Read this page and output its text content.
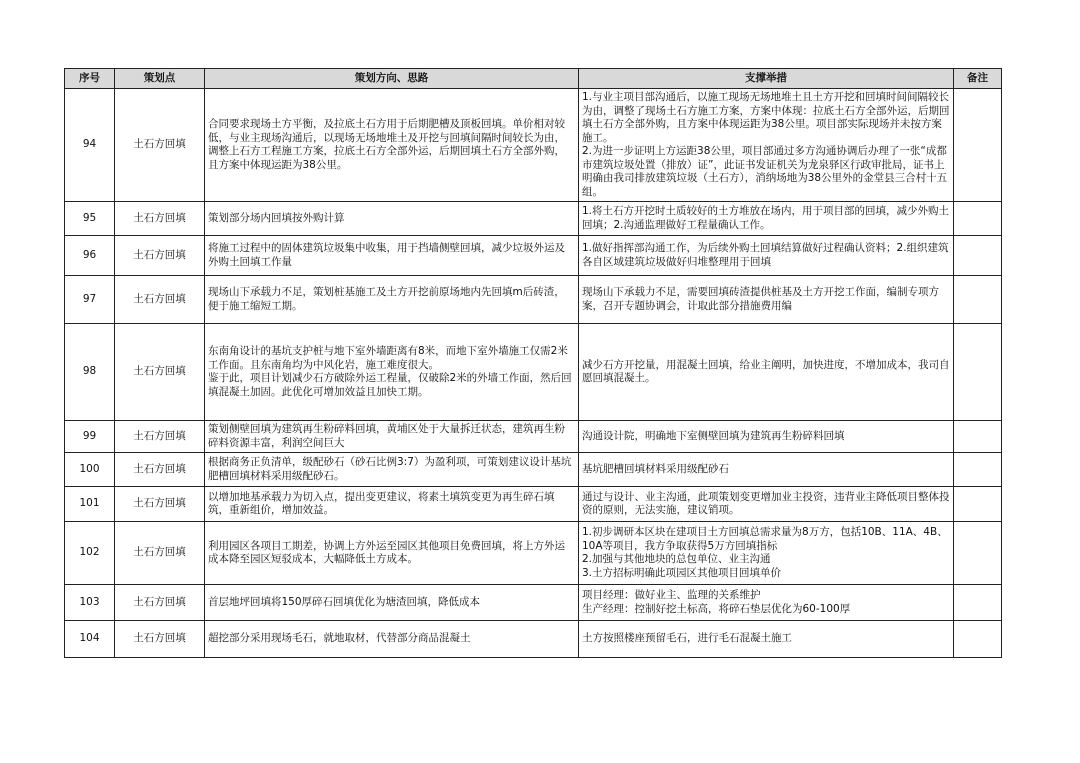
序号	策划点	策划方向、思路	支撑举措	备注
94	土石方回填	合同要求现场土方平衡，及拉底土石方用于后期肥槽及顶板回填。单价相对较低，与业主现场沟通后，以现场无场地堆土及开挖与回填间隔时间较长为由，调整上石方工程施工方案，拉底土石方全部外运，后期回填土石方全部外购，且方案中体现运距为38公里。	1.与业主项目部沟通后，以施工现场无场地堆土且土方开挖和回填时间间隔较长为由，调整了现场土石方施工方案，方案中体现：拉底土石方全部外运，后期回填土石方全部外购，且方案中体现运距为38公里。项目部实际现场并未按方案施工。
2.为进一步证明上方运距38公里，项目部通过多方沟通协调后办理了一张“成都市建筑垃圾处置（排放）证”，此证书发证机关为龙泉驿区行政审批局，证书上明确由我司排放建筑垃圾（土石方），消纳场地为38公里外的金堂县三合村十五组。	
95	土石方回填	策划部分场内回填按外购计算	1.将土石方开挖时土质较好的土方堆放在场内，用于项目部的回填，减少外购土回填；2.沟通监理做好工程量确认工作。	
96	土石方回填	将施工过程中的固体建筑垃圾集中收集，用于挡墙侧壁回填，减少垃圾外运及外购土回填工作量	1.做好指挥部沟通工作，为后续外购土回填结算做好过程确认资料；2.组织建筑各自区域建筑垃圾做好归堆整理用于回填	
97	土石方回填	现场山下承载力不足，策划桩基施工及土方开挖前原场地内先回填m后砖渣，便于施工缩短工期。	现场山下承载力不足，需要回填砖渣提供桩基及土方开挖工作面，编制专项方案，召开专题协调会，计取此部分措施费用编	
98	土石方回填	东南角设计的基坑支护桩与地下室外墙距离有8米，而地下室外墙施工仅需2米工作面。且东南角均为中风化岩，施工难度很大。
鉴于此，项目计划减少石方破除外运工程量，仅破除2米的外墙工作面，然后回填混凝土加固。此优化可增加效益且加快工期。	减少石方开挖量，用混凝土回填，给业主阐明，加快进度，不增加成本，我司自愿回填混凝土。	
99	土石方回填	策划侧壁回填为建筑再生粉碎料回填，黄埔区处于大量拆迁状态，建筑再生粉碎料资源丰富，利润空间巨大	沟通设计院，明确地下室侧壁回填为建筑再生粉碎料回填	
100	土石方回填	根据商务正负清单，级配砂石（砂石比例3:7）为盈利项，可策划建议设计基坑肥槽回填材料采用级配砂石。	基坑肥槽回填材料采用级配砂石	
101	土石方回填	以增加地基承载力为切入点，提出变更建议，将素土填筑变更为再生碎石填筑，重新组价，增加效益。	通过与设计、业主沟通，此项策划变更增加业主投资，违背业主降低项目整体投资的原则，无法实施，建议销项。	
102	土石方回填	利用园区各项目工期差，协调上方外运至园区其他项目免费回填，将上方外运成本降至园区短驳成本，大幅降低土方成本。	1.初步调研本区块在建项目土方回填总需求量为8万方，包括10B、11A、4B、10A等项目，我方争取获得5万方回填指标
2.加强与其他地块的总包单位、业主沟通
3.土方招标明确此项园区其他项目回填单价	
103	土石方回填	首层地坪回填将150厚碎石回填优化为塘渣回填，降低成本	项目经理：做好业主、监理的关系维护
生产经理：控制好挖土标高，将碎石垫层优化为60-100厚	
104	土石方回填	超挖部分采用现场毛石，就地取材，代替部分商品混凝土	土方按照楼座预留毛石，进行毛石混凝土施工	
